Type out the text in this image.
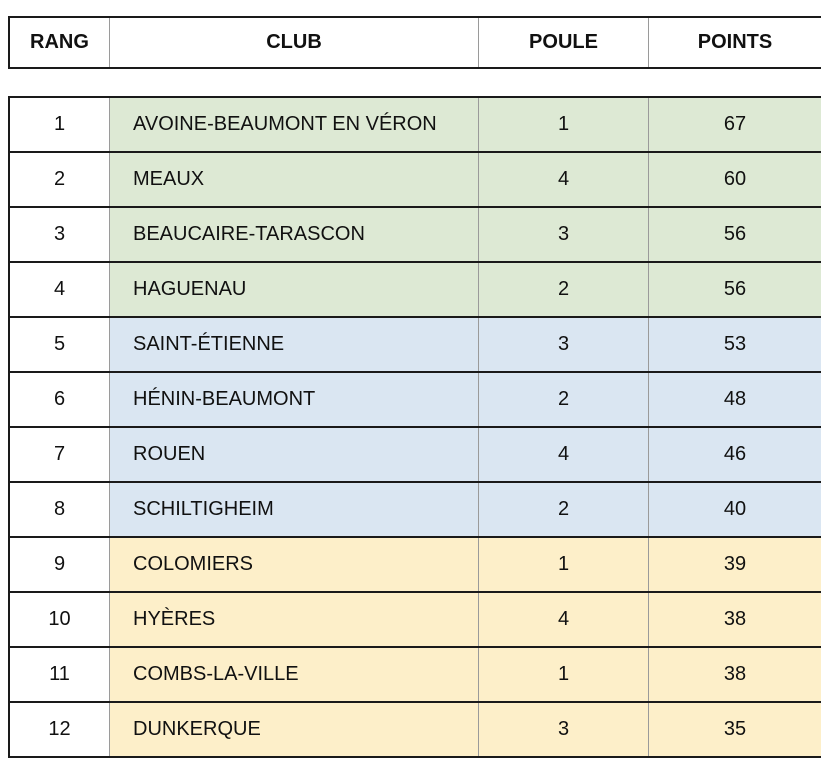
RANG	CLUB	POULE	POINTS
1	AVOINE-BEAUMONT EN VÉRON	1	67
2	MEAUX	4	60
3	BEAUCAIRE-TARASCON	3	56
4	HAGUENAU	2	56
5	SAINT-ÉTIENNE	3	53
6	HÉNIN-BEAUMONT	2	48
7	ROUEN	4	46
8	SCHILTIGHEIM	2	40
9	COLOMIERS	1	39
10	HYÈRES	4	38
11	COMBS-LA-VILLE	1	38
12	DUNKERQUE	3	35
